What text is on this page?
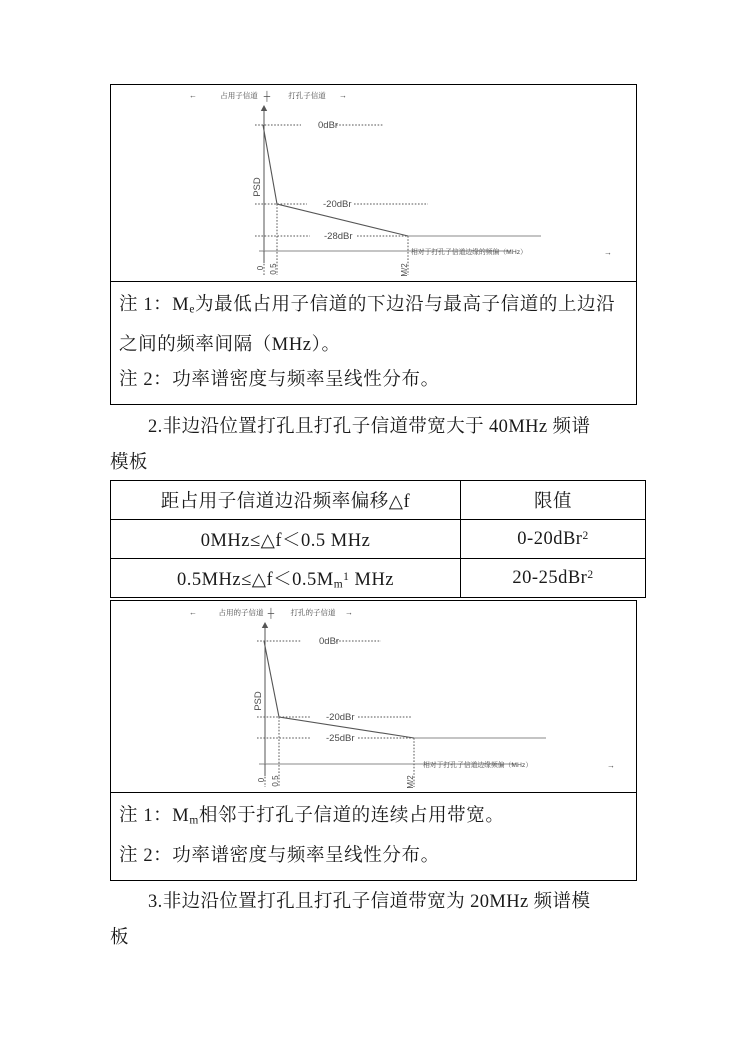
←	占用子信道 ┼ 打孔子信道 →
0dBr
-20dBr
-28dBr
PSD
0 0.5	M/2
相对于打孔子信道边缘的频偏（MHz）	→

注 1：$M_e$为最低占用子信道的下边沿与最高子信道的上边沿
之间的频率间隔（MHz）。
注 2：功率谱密度与频率呈线性分布。
2.非边沿位置打孔且打孔子信道带宽大于 40MHz 频谱
模板
距占用子信道边沿频率偏移△f	限值
0MHz≤△f＜0.5 MHz	0-20dBr$^2$
$0.5MHz\le\triangle f<0.5M_m^1$ MHz	20-25dBr$^2$
←	占用的子信道 ┼ 打孔的子信道 →
0dBr
-20dBr
-25dBr
PSD
0 0.5	M/2
相对于打孔子信道边缘频偏（MHz）	→

注 1：$M_m$相邻于打孔子信道的连续占用带宽。
注 2：功率谱密度与频率呈线性分布。
3.非边沿位置打孔且打孔子信道带宽为 20MHz 频谱模
板
